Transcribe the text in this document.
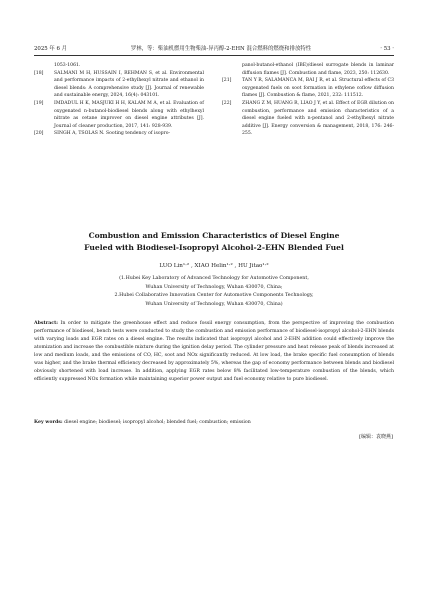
2025 年 6 月	罗林，等：柴油机燃用生物柴油-异丙醇-2-EHN 混合燃料的燃烧和排放特性	· 53 ·

1053-1061.
[18] SALMANI M H, HUSSAIN I, REHMAN S, et al. Environmental and performance impacts of 2-ethylhexyl nitrate and ethanol in diesel blends: A comprehensive study [J]. Journal of renewable and sustainable energy, 2024, 16(4): 043101.
[19] IMDADUL H K, MASJUKI H H, KALAM M A, et al. Evaluation of oxygenated n-butanol-biodiesel blends along with ethylhexyl nitrate as cetane improver on diesel engine attributes [J]. Journal of cleaner production, 2017, 141: 928-939.
[20] SINGH A, TSOLAS N. Sooting tendency of isopro-
panol-butanol-ethanol (IBE)/diesel surrogate blends in laminar diffusion flames [J]. Combustion and flame, 2023, 250: 112630.
[21] TAN Y R, SALAMANCA M, BAI J R, et al. Structural effects of C3 oxygenated fuels on soot formation in ethylene coflow diffusion flames [J]. Combustion & flame, 2021, 232: 111512.
[22] ZHANG Z M, HUANG R, LIAO J Y, et al. Effect of EGR dilution on combustion, performance and emission characteristics of a diesel engine fueled with n-pentanol and 2-ethylhexyl nitrate additive [J]. Energy conversion & management, 2018, 176: 246-255.
Combustion and Emission Characteristics of Diesel Engine
Fueled with Biodiesel-Isopropyl Alcohol-2-EHN Blended Fuel
LUO Lin¹·² , XIAO Helin¹·² , HU Jitao¹·²
(1.Hubei Key Laboratory of Advanced Technology for Automotive Component,
Wuhan University of Technology, Wuhan 430070, China;
2.Hubei Collaborative Innovation Center for Automotive Components Technology,
Wuhan University of Technology, Wuhan 430070, China)
Abstract: In order to mitigate the greenhouse effect and reduce fossil energy consumption, from the perspective of improving the combustion performance of biodiesel, bench tests were conducted to study the combustion and emission performance of biodiesel-isopropyl alcohol-2-EHN blends with varying loads and EGR rates on a diesel engine. The results indicated that isopropyl alcohol and 2-EHN addition could effectively improve the atomization and increase the combustible mixture during the ignition delay period. The cylinder pressure and heat release peak of blends increased at low and medium loads, and the emissions of CO, HC, soot and NOx significantly reduced. At low load, the brake specific fuel consumption of blends was higher, and the brake thermal efficiency decreased by approximately 5%, whereas the gap of economy performance between blends and biodiesel obviously shortened with load increase. In addition, applying EGR rates below 8% facilitated low-temperature combustion of the blends, which efficiently suppressed NOx formation while maintaining superior power output and fuel economy relative to pure biodiesel.
Key words: diesel engine; biodiesel; isopropyl alcohol; blended fuel; combustion; emission
[编辑：袁晓燕]
